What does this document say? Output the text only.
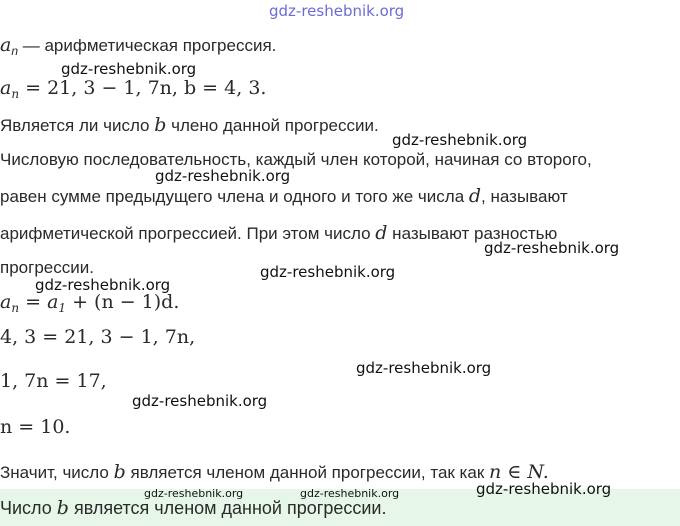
gdz-reshebnik.org
$a_n$ — арифметическая прогрессия.
$a_n = 21$, 3 − 1, 7n, b = 4, 3.
Является ли число b члено данной прогрессии.
Числовую последовательность, каждый член которой, начиная со второго,
равен сумме предыдущего члена и одного и того же числа d, называют
арифметической прогрессией. При этом число d называют разностью
прогрессии.
$a_n = a_1 + (n - 1)d$.
4, 3 = 21, 3 − 1, 7n,
1, 7n = 17,
n = 10.
Значит, число b является членом данной прогрессии, так как n ∈ N.
Число b является членом данной прогрессии.
gdz-reshebnik.org
gdz-reshebnik.org
gdz-reshebnik.org
gdz-reshebnik.org
gdz-reshebnik.org
gdz-reshebnik.org
gdz-reshebnik.org
gdz-reshebnik.org
gdz-reshebnik.org
gdz-reshebnik.org	gdz-reshebnik.org
